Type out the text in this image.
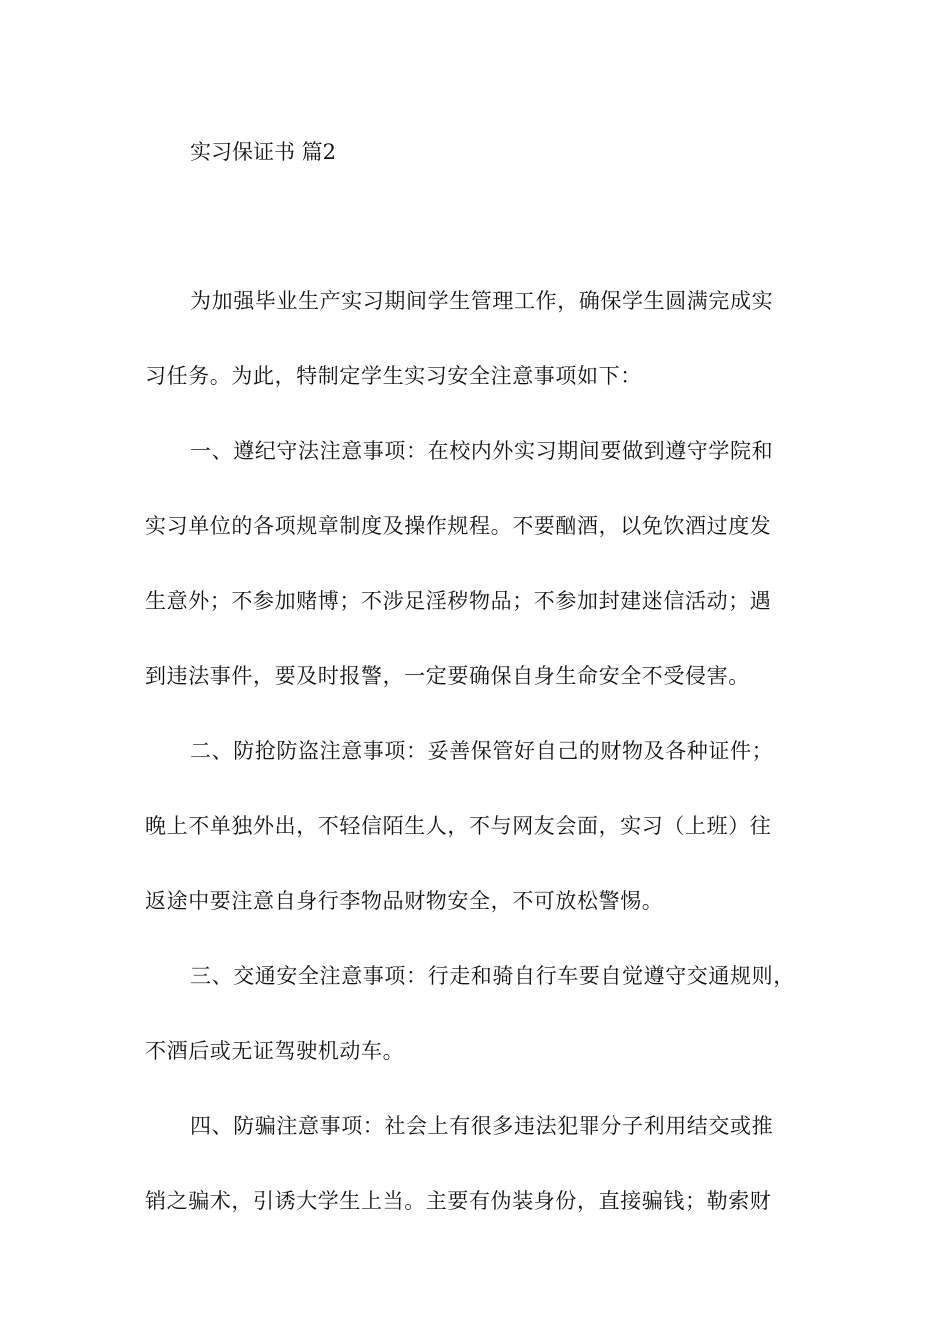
实习保证书 篇2
为加强毕业生产实习期间学生管理工作，确保学生圆满完成实
习任务。为此，特制定学生实习安全注意事项如下：
一、遵纪守法注意事项：在校内外实习期间要做到遵守学院和
实习单位的各项规章制度及操作规程。不要酗酒，以免饮酒过度发
生意外；不参加赌博；不涉足淫秽物品；不参加封建迷信活动；遇
到违法事件，要及时报警，一定要确保自身生命安全不受侵害。
二、防抢防盗注意事项：妥善保管好自己的财物及各种证件；
晚上不单独外出，不轻信陌生人，不与网友会面，实习（上班）往
返途中要注意自身行李物品财物安全，不可放松警惕。
三、交通安全注意事项：行走和骑自行车要自觉遵守交通规则，
不酒后或无证驾驶机动车。
四、防骗注意事项：社会上有很多违法犯罪分子利用结交或推
销之骗术，引诱大学生上当。主要有伪装身份，直接骗钱；勒索财
